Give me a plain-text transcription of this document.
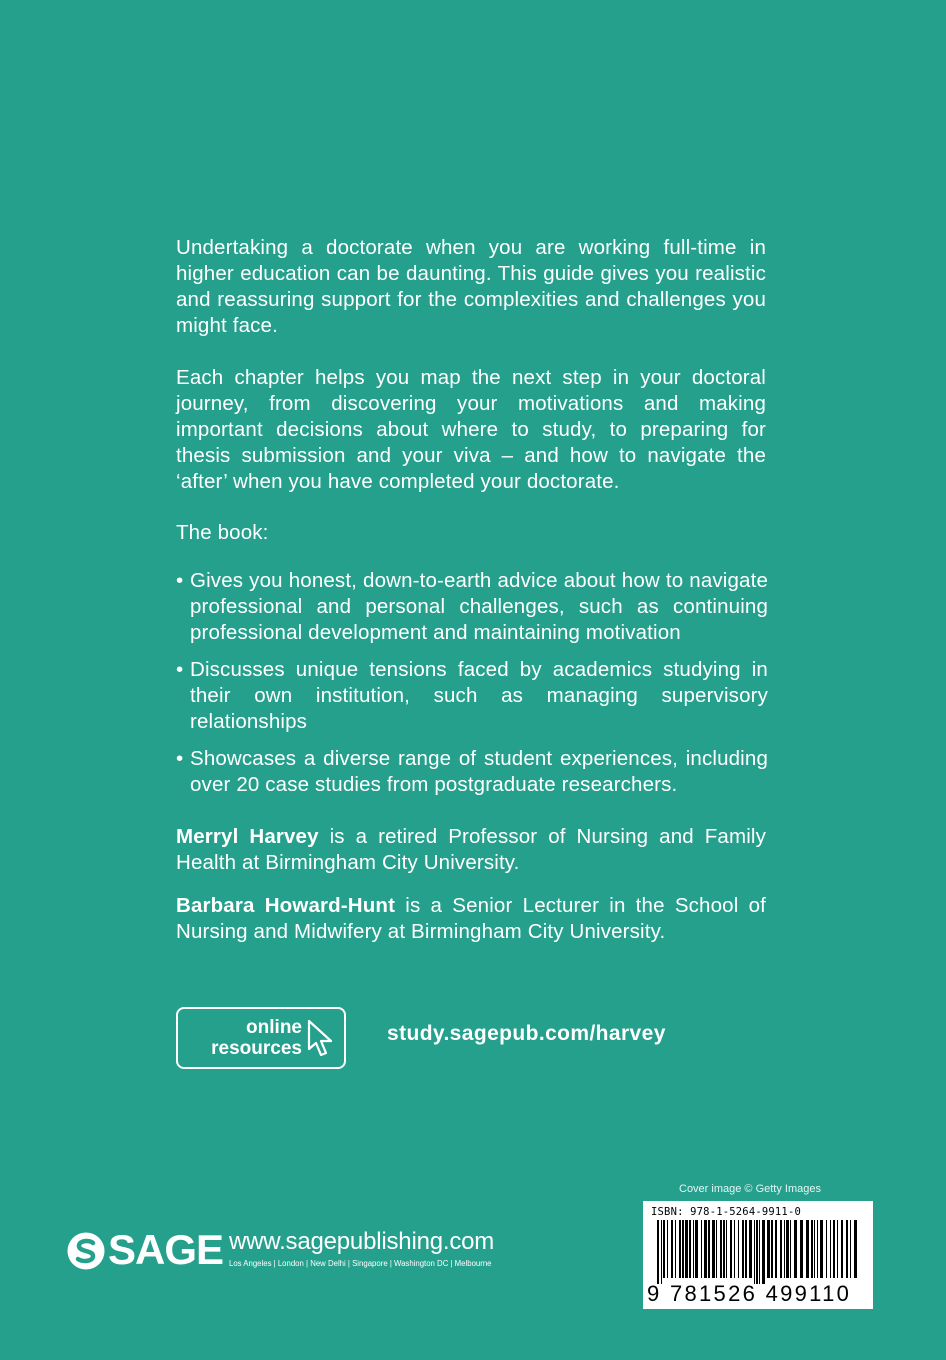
Undertaking a doctorate when you are working full-time in higher education can be daunting. This guide gives you realistic and reassuring support for the complexities and challenges you might face.

Each chapter helps you map the next step in your doctoral journey, from discovering your motivations and making important decisions about where to study, to preparing for thesis submission and your viva – and how to navigate the ‘after’ when you have completed your doctorate.

The book:

• Gives you honest, down-to-earth advice about how to navigate professional and personal challenges, such as continuing professional development and maintaining motivation

• Discusses unique tensions faced by academics studying in their own institution, such as managing supervisory relationships

• Showcases a diverse range of student experiences, including over 20 case studies from postgraduate researchers.

Merryl Harvey is a retired Professor of Nursing and Family Health at Birmingham City University.

Barbara Howard-Hunt is a Senior Lecturer in the School of Nursing and Midwifery at Birmingham City University.

online
resources
study.sagepub.com/harvey
Cover image © Getty Images
ISBN: 978-1-5264-9911-0
9 781526 499110
SAGE www.sagepublishing.com
Los Angeles | London | New Delhi | Singapore | Washington DC | Melbourne
